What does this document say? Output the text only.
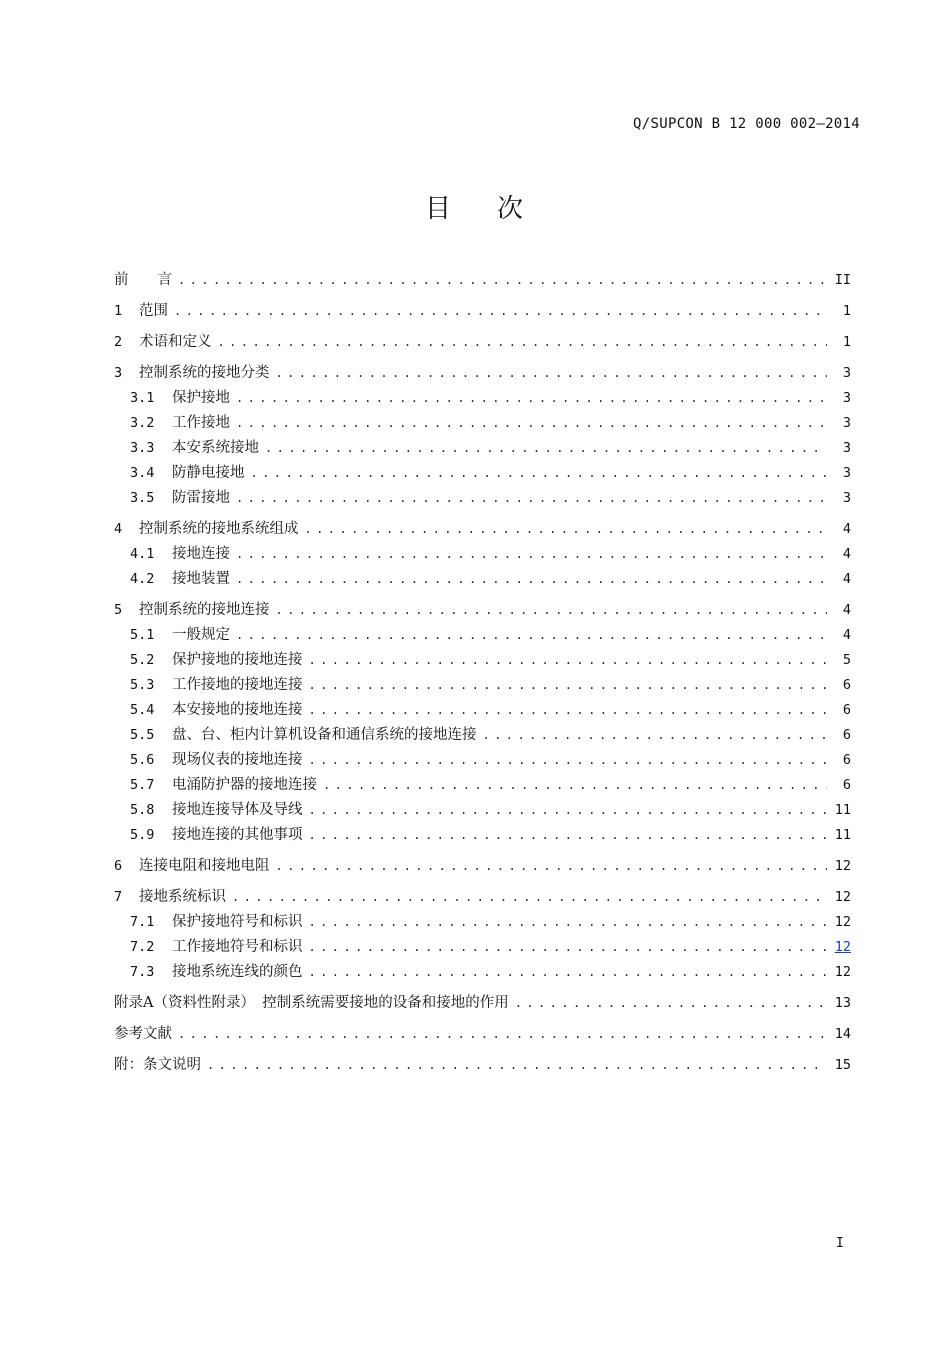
Q/SUPCON B 12 000 002—2014
目 次
前　　言 . . .	II
1	范围 . . .	1
2	术语和定义 . . .	1
3	控制系统的接地分类 . . .	3
3.1	保护接地 . . .	3
3.2	工作接地 . . .	3
3.3	本安系统接地 . . .	3
3.4	防静电接地 . . .	3
3.5	防雷接地 . . .	3
4	控制系统的接地系统组成 . . .	4
4.1	接地连接 . . .	4
4.2	接地装置 . . .	4
5	控制系统的接地连接 . . .	4
5.1	一般规定 . . .	4
5.2	保护接地的接地连接 . . .	5
5.3	工作接地的接地连接 . . .	6
5.4	本安接地的接地连接 . . .	6
5.5	盘、台、柜内计算机设备和通信系统的接地连接 . . .	6
5.6	现场仪表的接地连接 . . .	6
5.7	电涌防护器的接地连接 . . .	6
5.8	接地连接导体及导线 . . .	11
5.9	接地连接的其他事项 . . .	11
6	连接电阻和接地电阻 . . .	12
7	接地系统标识 . . .	12
7.1	保护接地符号和标识 . . .	12
7.2	工作接地符号和标识 . . .	12
7.3	接地系统连线的颜色 . . .	12
附录A（资料性附录）　控制系统需要接地的设备和接地的作用 . . .	13
参考文献 . . .	14
附：条文说明 . . .	15
I
